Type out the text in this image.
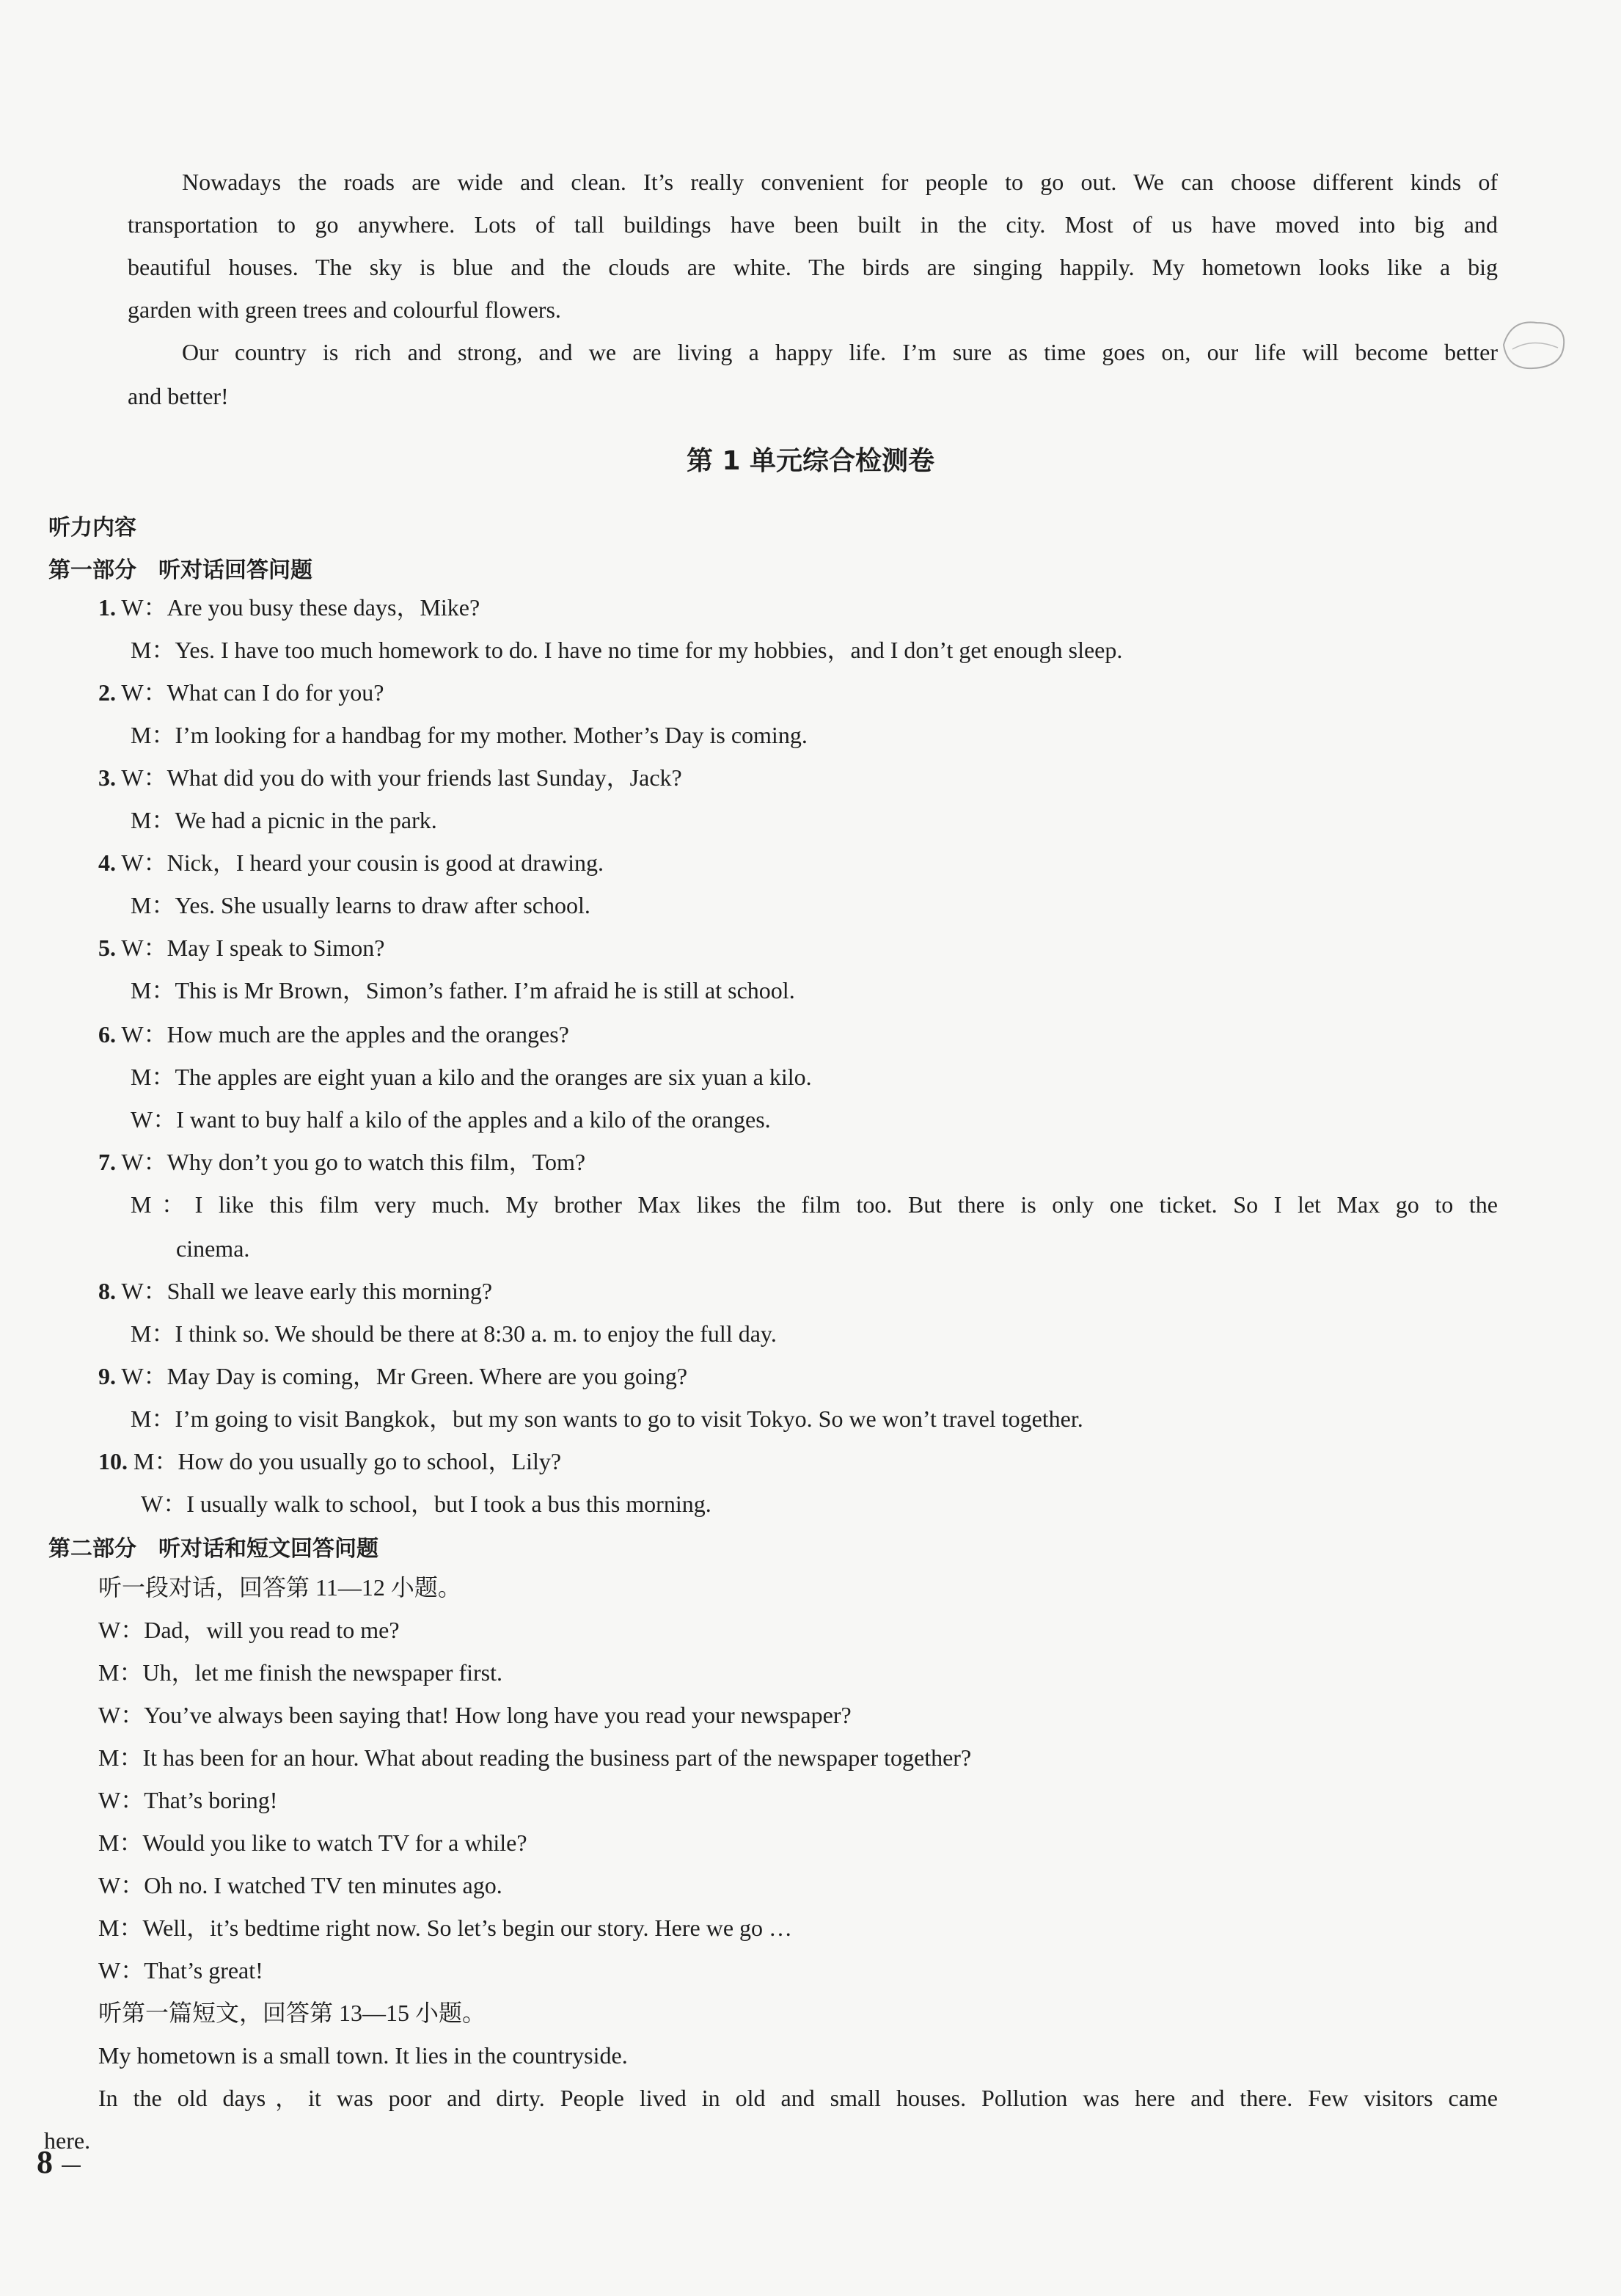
Nowadays the roads are wide and clean. It’s really convenient for people to go out. We can choose different kinds of
transportation to go anywhere. Lots of tall buildings have been built in the city. Most of us have moved into big and
beautiful houses. The sky is blue and the clouds are white. The birds are singing happily. My hometown looks like a big
garden with green trees and colourful flowers.
Our country is rich and strong, and we are living a happy life. I’m sure as time goes on, our life will become better
and better!
第 1 单元综合检测卷
听力内容
第一部分　听对话回答问题
1. W：Are you busy these days，Mike?
M：Yes. I have too much homework to do. I have no time for my hobbies，and I don’t get enough sleep.
2. W：What can I do for you?
M：I’m looking for a handbag for my mother. Mother’s Day is coming.
3. W：What did you do with your friends last Sunday，Jack?
M：We had a picnic in the park.
4. W：Nick，I heard your cousin is good at drawing.
M：Yes. She usually learns to draw after school.
5. W：May I speak to Simon?
M：This is Mr Brown，Simon’s father. I’m afraid he is still at school.
6. W：How much are the apples and the oranges?
M：The apples are eight yuan a kilo and the oranges are six yuan a kilo.
W：I want to buy half a kilo of the apples and a kilo of the oranges.
7. W：Why don’t you go to watch this film，Tom?
M：I like this film very much. My brother Max likes the film too. But there is only one ticket. So I let Max go to the
cinema.
8. W：Shall we leave early this morning?
M：I think so. We should be there at 8:30 a. m. to enjoy the full day.
9. W：May Day is coming，Mr Green. Where are you going?
M：I’m going to visit Bangkok，but my son wants to go to visit Tokyo. So we won’t travel together.
10. M：How do you usually go to school，Lily?
W：I usually walk to school，but I took a bus this morning.
第二部分　听对话和短文回答问题
听一段对话，回答第 11—12 小题。
W：Dad，will you read to me?
M：Uh，let me finish the newspaper first.
W：You’ve always been saying that! How long have you read your newspaper?
M：It has been for an hour. What about reading the business part of the newspaper together?
W：That’s boring!
M：Would you like to watch TV for a while?
W：Oh no. I watched TV ten minutes ago.
M：Well，it’s bedtime right now. So let’s begin our story. Here we go …
W：That’s great!
听第一篇短文，回答第 13—15 小题。
My hometown is a small town. It lies in the countryside.
In the old days，it was poor and dirty. People lived in old and small houses. Pollution was here and there. Few visitors came
here.
8
